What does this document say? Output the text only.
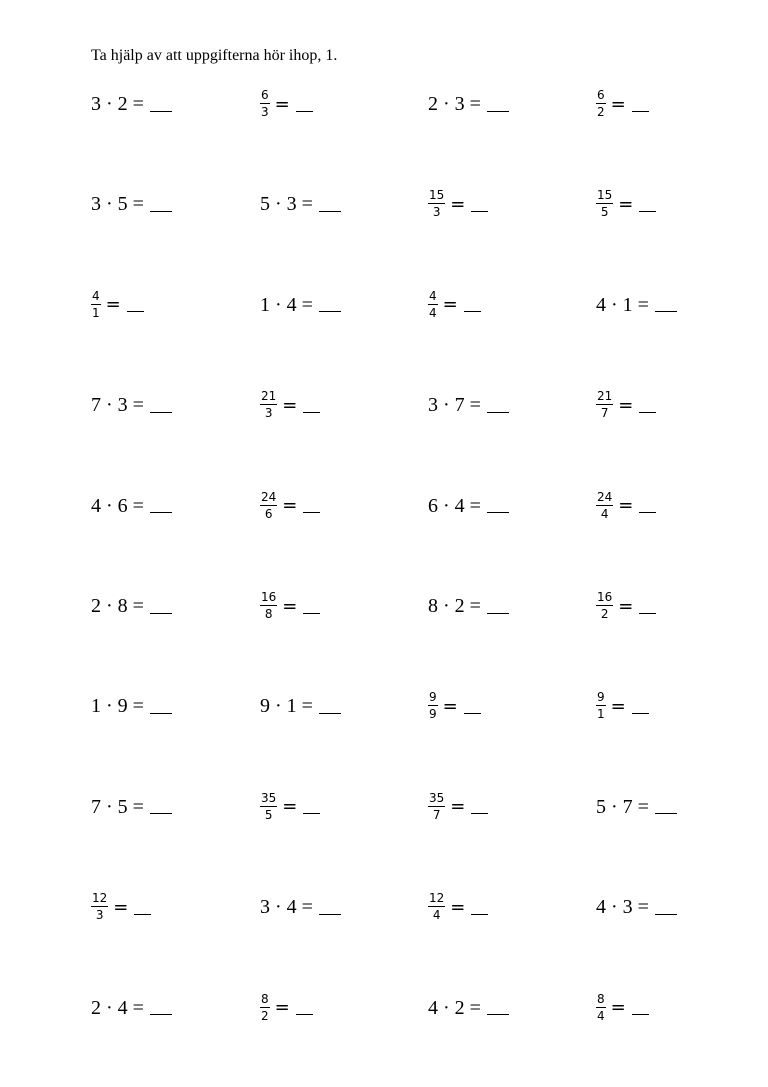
Ta hjälp av att uppgifterna hör ihop, 1.
3 · 2 =	$\frac{6}{3}$ =	2 · 3 =	$\frac{6}{2}$ =
3 · 5 =	5 · 3 =	$\frac{15}{3}$ =	$\frac{15}{5}$ =
$\frac{4}{1}$ =	1 · 4 =	$\frac{4}{4}$ =	4 · 1 =
7 · 3 =	$\frac{21}{3}$ =	3 · 7 =	$\frac{21}{7}$ =
4 · 6 =	$\frac{24}{6}$ =	6 · 4 =	$\frac{24}{4}$ =
2 · 8 =	$\frac{16}{8}$ =	8 · 2 =	$\frac{16}{2}$ =
1 · 9 =	9 · 1 =	$\frac{9}{9}$ =	$\frac{9}{1}$ =
7 · 5 =	$\frac{35}{5}$ =	$\frac{35}{7}$ =	5 · 7 =
$\frac{12}{3}$ =	3 · 4 =	$\frac{12}{4}$ =	4 · 3 =
2 · 4 =	$\frac{8}{2}$ =	4 · 2 =	$\frac{8}{4}$ =
